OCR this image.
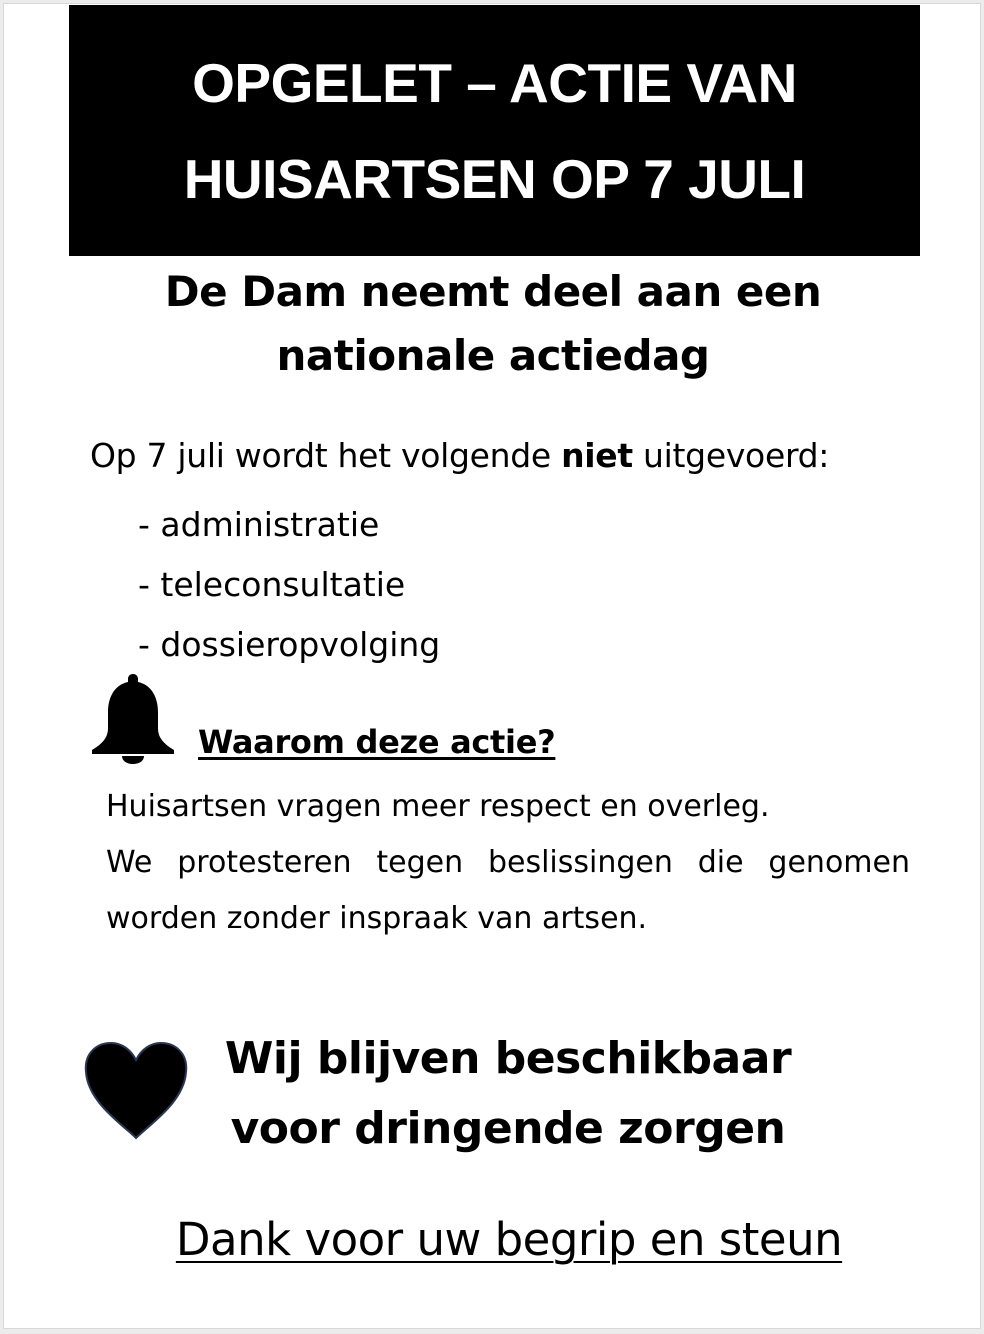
OPGELET – ACTIE VAN
HUISARTSEN OP 7 JULI
De Dam neemt deel aan een
nationale actiedag
Op 7 juli wordt het volgende niet uitgevoerd:
- administratie
- teleconsultatie
- dossieropvolging
Waarom deze actie?

Huisartsen vragen meer respect en overleg.

We protesteren tegen beslissingen die genomen worden zonder inspraak van artsen.

Wij blijven beschikbaar
voor dringende zorgen
Dank voor uw begrip en steun
